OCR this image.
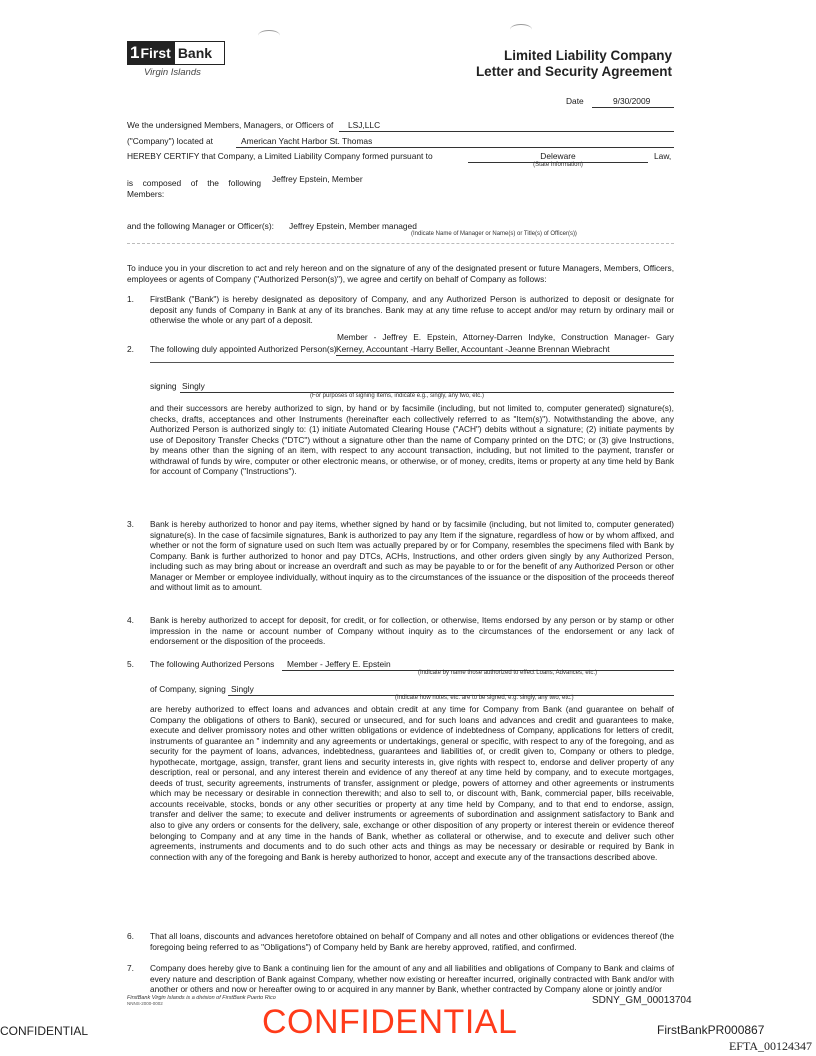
1 First Bank
Virgin Islands
Limited Liability Company
Letter and Security Agreement
Date	9/30/2009
We the undersigned Members, Managers, or Officers of	LSJ,LLC
("Company") located at	American Yacht Harbor St. Thomas
HEREBY CERTIFY that Company, a Limited Liability Company formed pursuant to	Deleware
(State Information)
Law,
is composed of the following Members:
Jeffrey Epstein, Member
and the following Manager or Officer(s): Jeffrey Epstein, Member managed
(Indicate Name of Manager or Name(s) or Title(s) of Officer(s))
To induce you in your discretion to act and rely hereon and on the signature of any of the designated present or future Managers, Members, Officers, employees or agents of Company ("Authorized Person(s)"), we agree and certify on behalf of Company as follows:
1. FirstBank ("Bank") is hereby designated as depository of Company, and any Authorized Person is authorized to deposit or designate for deposit any funds of Company in Bank at any of its branches. Bank may at any time refuse to accept and/or may return by ordinary mail or otherwise the whole or any part of a deposit.
Member - Jeffrey E. Epstein, Attorney-Darren Indyke, Construction Manager- Gary
2. The following duly appointed Authorized Person(s) Kerney, Accountant -Harry Beller, Accountant -Jeanne Brennan Wiebracht
signing Singly
(For purposes of signing Items, indicate e.g., singly, any two, etc.)
and their successors are hereby authorized to sign, by hand or by facsimile (including, but not limited to, computer generated) signature(s), checks, drafts, acceptances and other Instruments (hereinafter each collectively referred to as "Item(s)"). Notwithstanding the above, any Authorized Person is authorized singly to: (1) initiate Automated Clearing House ("ACH") debits without a signature; (2) initiate payments by use of Depository Transfer Checks ("DTC") without a signature other than the name of Company printed on the DTC; or (3) give Instructions, by means other than the signing of an item, with respect to any account transaction, including, but not limited to the payment, transfer or withdrawal of funds by wire, computer or other electronic means, or otherwise, or of money, credits, items or property at any time held by Bank for account of Company ("Instructions").
3. Bank is hereby authorized to honor and pay items, whether signed by hand or by facsimile (including, but not limited to, computer generated) signature(s). In the case of facsimile signatures, Bank is authorized to pay any Item if the signature, regardless of how or by whom affixed, and whether or not the form of signature used on such Item was actually prepared by or for Company, resembles the specimens filed with Bank by Company. Bank is further authorized to honor and pay DTCs, ACHs, Instructions, and other orders given singly by any Authorized Person, including such as may bring about or increase an overdraft and such as may be payable to or for the benefit of any Authorized Person or other Manager or Member or employee individually, without inquiry as to the circumstances of the issuance or the disposition of the proceeds thereof and without limit as to amount.
4. Bank is hereby authorized to accept for deposit, for credit, or for collection, or otherwise, Items endorsed by any person or by stamp or other impression in the name or account number of Company without inquiry as to the circumstances of the endorsement or any lack of endorsement or the disposition of the proceeds.
5. The following Authorized Persons	Member - Jeffery E. Epstein
(Indicate by name those authorized to effect Loans, Advances, etc.)
of Company, signing Singly
(Indicate how notes, etc. are to be signed, e.g. singly, any two, etc.)
are hereby authorized to effect loans and advances and obtain credit at any time for Company from Bank (and guarantee on behalf of Company the obligations of others to Bank), secured or unsecured, and for such loans and advances and credit and guarantees to make, execute and deliver promissory notes and other written obligations or evidence of indebtedness of Company, applications for letters of credit, instruments of guarantee an " indemnity and any agreements or undertakings, general or specific, with respect to any of the foregoing, and as security for the payment of loans, advances, indebtedness, guarantees and liabilities of, or credit given to, Company or others to pledge, hypothecate, mortgage, assign, transfer, grant liens and security interests in, give rights with respect to, endorse and deliver property of any description, real or personal, and any interest therein and evidence of any thereof at any time held by company, and to execute mortgages, deeds of trust, security agreements, instruments of transfer, assignment or pledge, powers of attorney and other agreements or instruments which may be necessary or desirable in connection therewith; and also to sell to, or discount with, Bank, commercial paper, bills receivable, accounts receivable, stocks, bonds or any other securities or property at any time held by Company, and to that end to endorse, assign, transfer and deliver the same; to execute and deliver instruments or agreements of subordination and assignment satisfactory to Bank and also to give any orders or consents for the delivery, sale, exchange or other disposition of any property or interest therein or evidence thereof belonging to Company and at any time in the hands of Bank, whether as collateral or otherwise, and to execute and deliver such other agreements, instruments and documents and to do such other acts and things as may be necessary or desirable or required by Bank in connection with any of the foregoing and Bank is hereby authorized to honor, accept and execute any of the transactions described above.
6. That all loans, discounts and advances heretofore obtained on behalf of Company and all notes and other obligations or evidences thereof (the foregoing being referred to as "Obligations") of Company held by Bank are hereby approved, ratified, and confirmed.
7. Company does hereby give to Bank a continuing lien for the amount of any and all liabilities and obligations of Company to Bank and claims of every nature and description of Bank against Company, whether now existing or hereafter incurred, originally contracted with Bank and/or with another or others and now or hereafter owing to or acquired in any manner by Bank, whether contracted by Company alone or jointly and/or
FirstBank Virgin Islands is a division of FirstBank Puerto Rico
NNNS-2000-0002	SDNY_GM_00013704
CONFIDENTIAL
CONFIDENTIAL	FirstBankPR000867
EFTA_00124347
